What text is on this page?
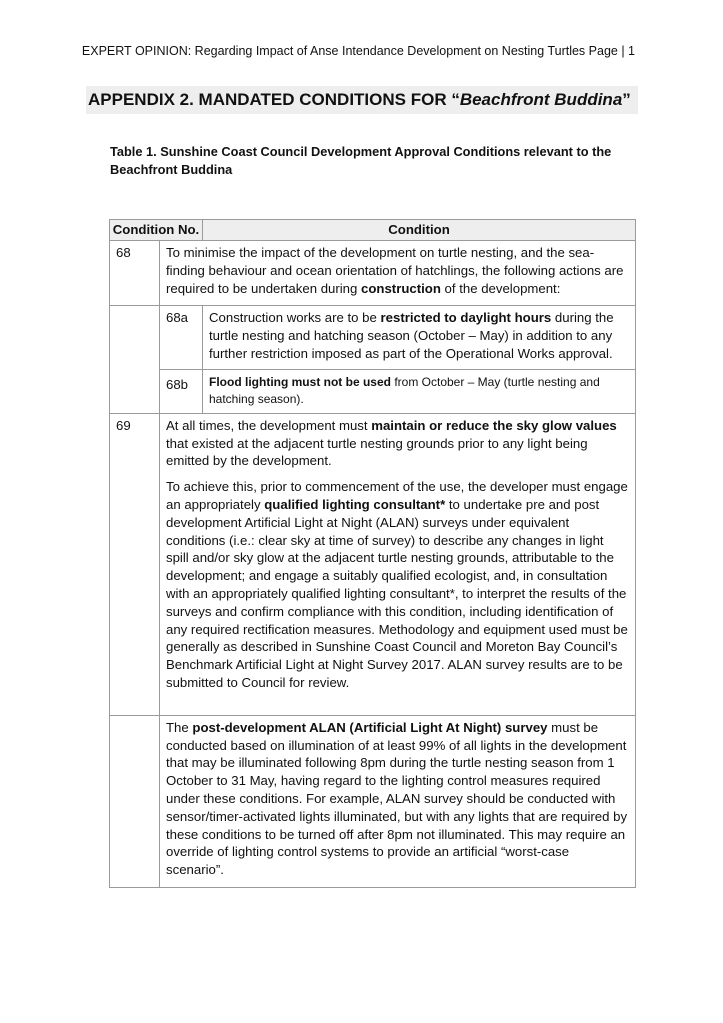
EXPERT OPINION: Regarding Impact of Anse Intendance Development on Nesting Turtles Page | 1
APPENDIX 2. MANDATED CONDITIONS FOR “Beachfront Buddina”
Table 1. Sunshine Coast Council Development Approval Conditions relevant to the Beachfront Buddina
Condition No.		Condition
68	To minimise the impact of the development on turtle nesting, and the sea-finding behaviour and ocean orientation of hatchlings, the following actions are required to be undertaken during construction of the development:	
	68a	Construction works are to be restricted to daylight hours during the turtle nesting and hatching season (October – May) in addition to any further restriction imposed as part of the Operational Works approval.
	68b	Flood lighting must not be used from October – May (turtle nesting and hatching season).
69	At all times, the development must maintain or reduce the sky glow values that existed at the adjacent turtle nesting grounds prior to any light being emitted by the development.

To achieve this, prior to commencement of the use, the developer must engage an appropriately qualified lighting consultant* to undertake pre and post development Artificial Light at Night (ALAN) surveys under equivalent conditions (i.e.: clear sky at time of survey) to describe any changes in light spill and/or sky glow at the adjacent turtle nesting grounds, attributable to the development; and engage a suitably qualified ecologist, and, in consultation with an appropriately qualified lighting consultant*, to interpret the results of the surveys and confirm compliance with this condition, including identification of any required rectification measures. Methodology and equipment used must be generally as described in Sunshine Coast Council and Moreton Bay Council’s Benchmark Artificial Light at Night Survey 2017. ALAN survey results are to be submitted to Council for review.	

	The post-development ALAN (Artificial Light At Night) survey must be conducted based on illumination of at least 99% of all lights in the development that may be illuminated following 8pm during the turtle nesting season from 1 October to 31 May, having regard to the lighting control measures required under these conditions. For example, ALAN survey should be conducted with sensor/timer-activated lights illuminated, but with any lights that are required by these conditions to be turned off after 8pm not illuminated. This may require an override of lighting control systems to provide an artificial “worst-case scenario”.	
